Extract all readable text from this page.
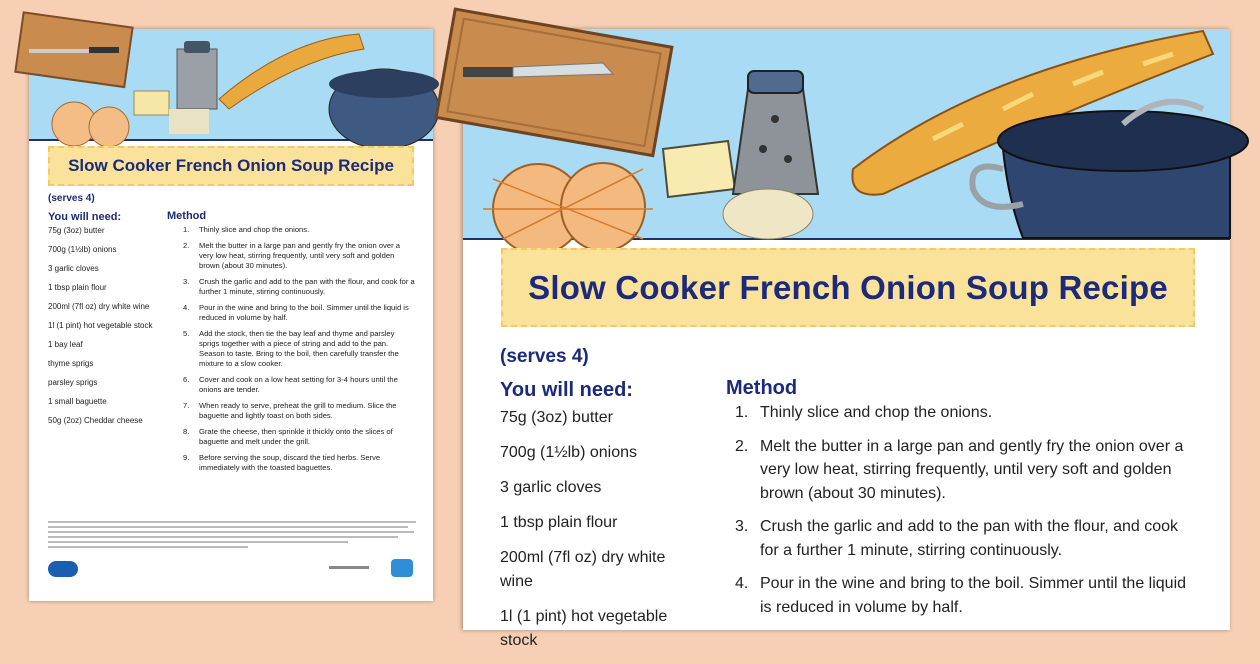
Slow Cooker French Onion Soup Recipe
(serves 4)
You will need:	Method
75g (3oz) butter
700g (1½lb) onions
3 garlic cloves
1 tbsp plain flour
200ml (7fl oz) dry white wine
1l (1 pint) hot vegetable stock
1 bay leaf
thyme sprigs
parsley sprigs
1 small baguette
50g (2oz) Cheddar cheese
1. Thinly slice and chop the onions.
2. Melt the butter in a large pan and gently fry the onion over a very low heat, stirring frequently, until very soft and golden brown (about 30 minutes).
3. Crush the garlic and add to the pan with the flour, and cook for a further 1 minute, stirring continuously.
4. Pour in the wine and bring to the boil. Simmer until the liquid is reduced in volume by half.
5. Add the stock, then tie the bay leaf and thyme and parsley sprigs together with a piece of string and add to the pan. Season to taste. Bring to the boil, then carefully transfer the mixture to a slow cooker.
6. Cover and cook on a low heat setting for 3-4 hours until the onions are tender.
7. When ready to serve, preheat the grill to medium. Slice the baguette and lightly toast on both sides.
8. Grate the cheese, then sprinkle it thickly onto the slices of baguette and melt under the grill.
9. Before serving the soup, discard the tied herbs. Serve immediately with the toasted baguettes.
Slow Cooker French Onion Soup Recipe
(serves 4)
You will need:	Method
75g (3oz) butter
700g (1½lb) onions
3 garlic cloves
1 tbsp plain flour
200ml (7fl oz) dry white wine
1l (1 pint) hot vegetable stock
1. Thinly slice and chop the onions.
2. Melt the butter in a large pan and gently fry the onion over a very low heat, stirring frequently, until very soft and golden brown (about 30 minutes).
3. Crush the garlic and add to the pan with the flour, and cook for a further 1 minute, stirring continuously.
4. Pour in the wine and bring to the boil. Simmer until the liquid is reduced in volume by half.
